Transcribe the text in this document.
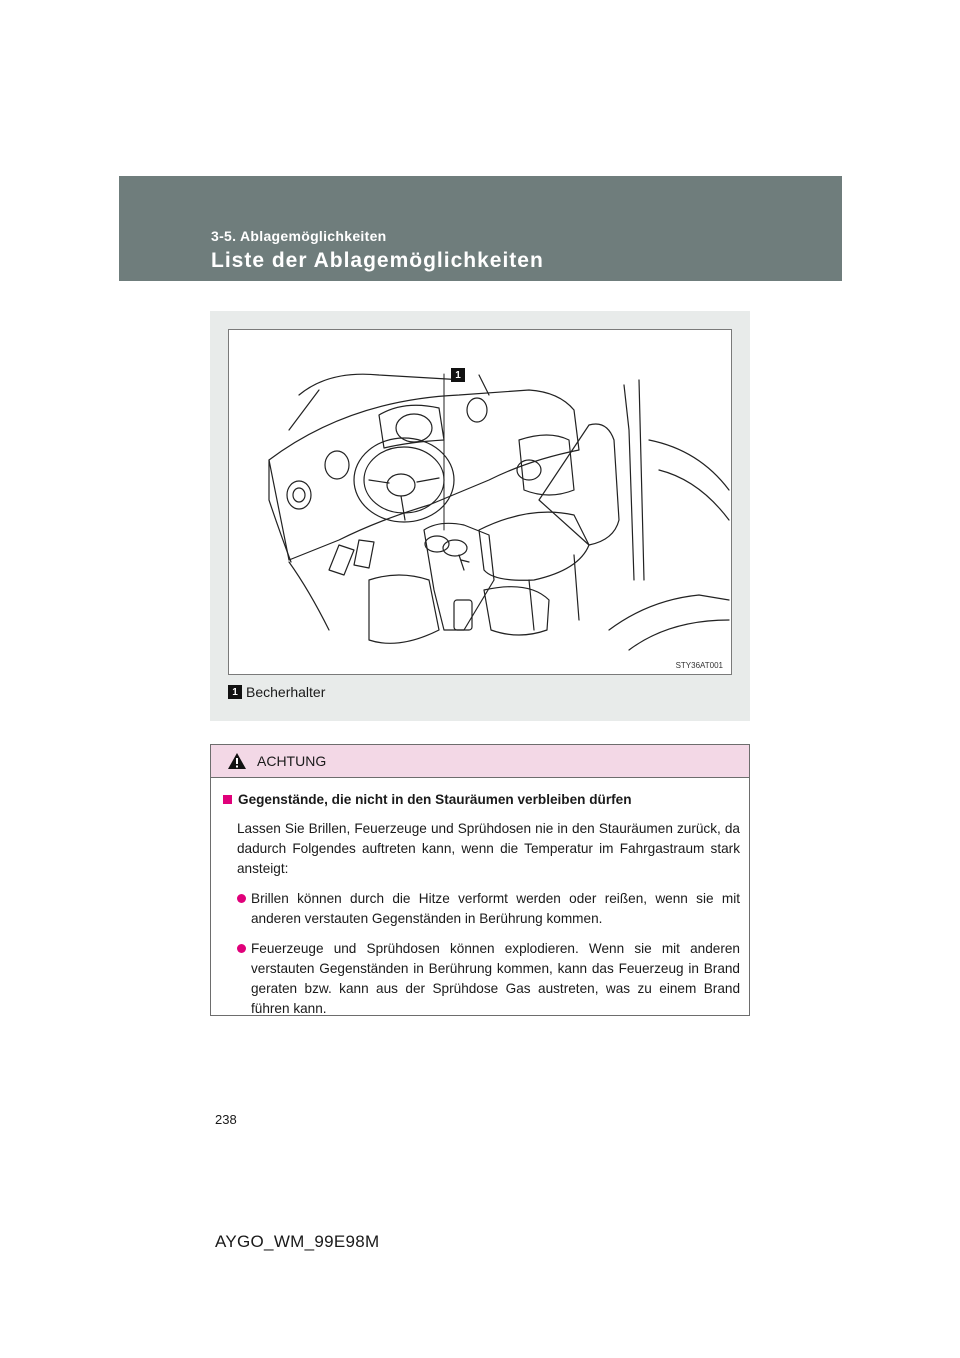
3-5. Ablagemöglichkeiten
Liste der Ablagemöglichkeiten
1
STY36AT001
1 Becherhalter
ACHTUNG
Gegenstände, die nicht in den Stauräumen verbleiben dürfen
Lassen Sie Brillen, Feuerzeuge und Sprühdosen nie in den Stauräumen zurück, da dadurch Folgendes auftreten kann, wenn die Temperatur im Fahrgastraum stark ansteigt:
Brillen können durch die Hitze verformt werden oder reißen, wenn sie mit anderen verstauten Gegenständen in Berührung kommen.
Feuerzeuge und Sprühdosen können explodieren. Wenn sie mit anderen verstauten Gegenständen in Berührung kommen, kann das Feuerzeug in Brand geraten bzw. kann aus der Sprühdose Gas austreten, was zu einem Brand führen kann.
238
AYGO_WM_99E98M
